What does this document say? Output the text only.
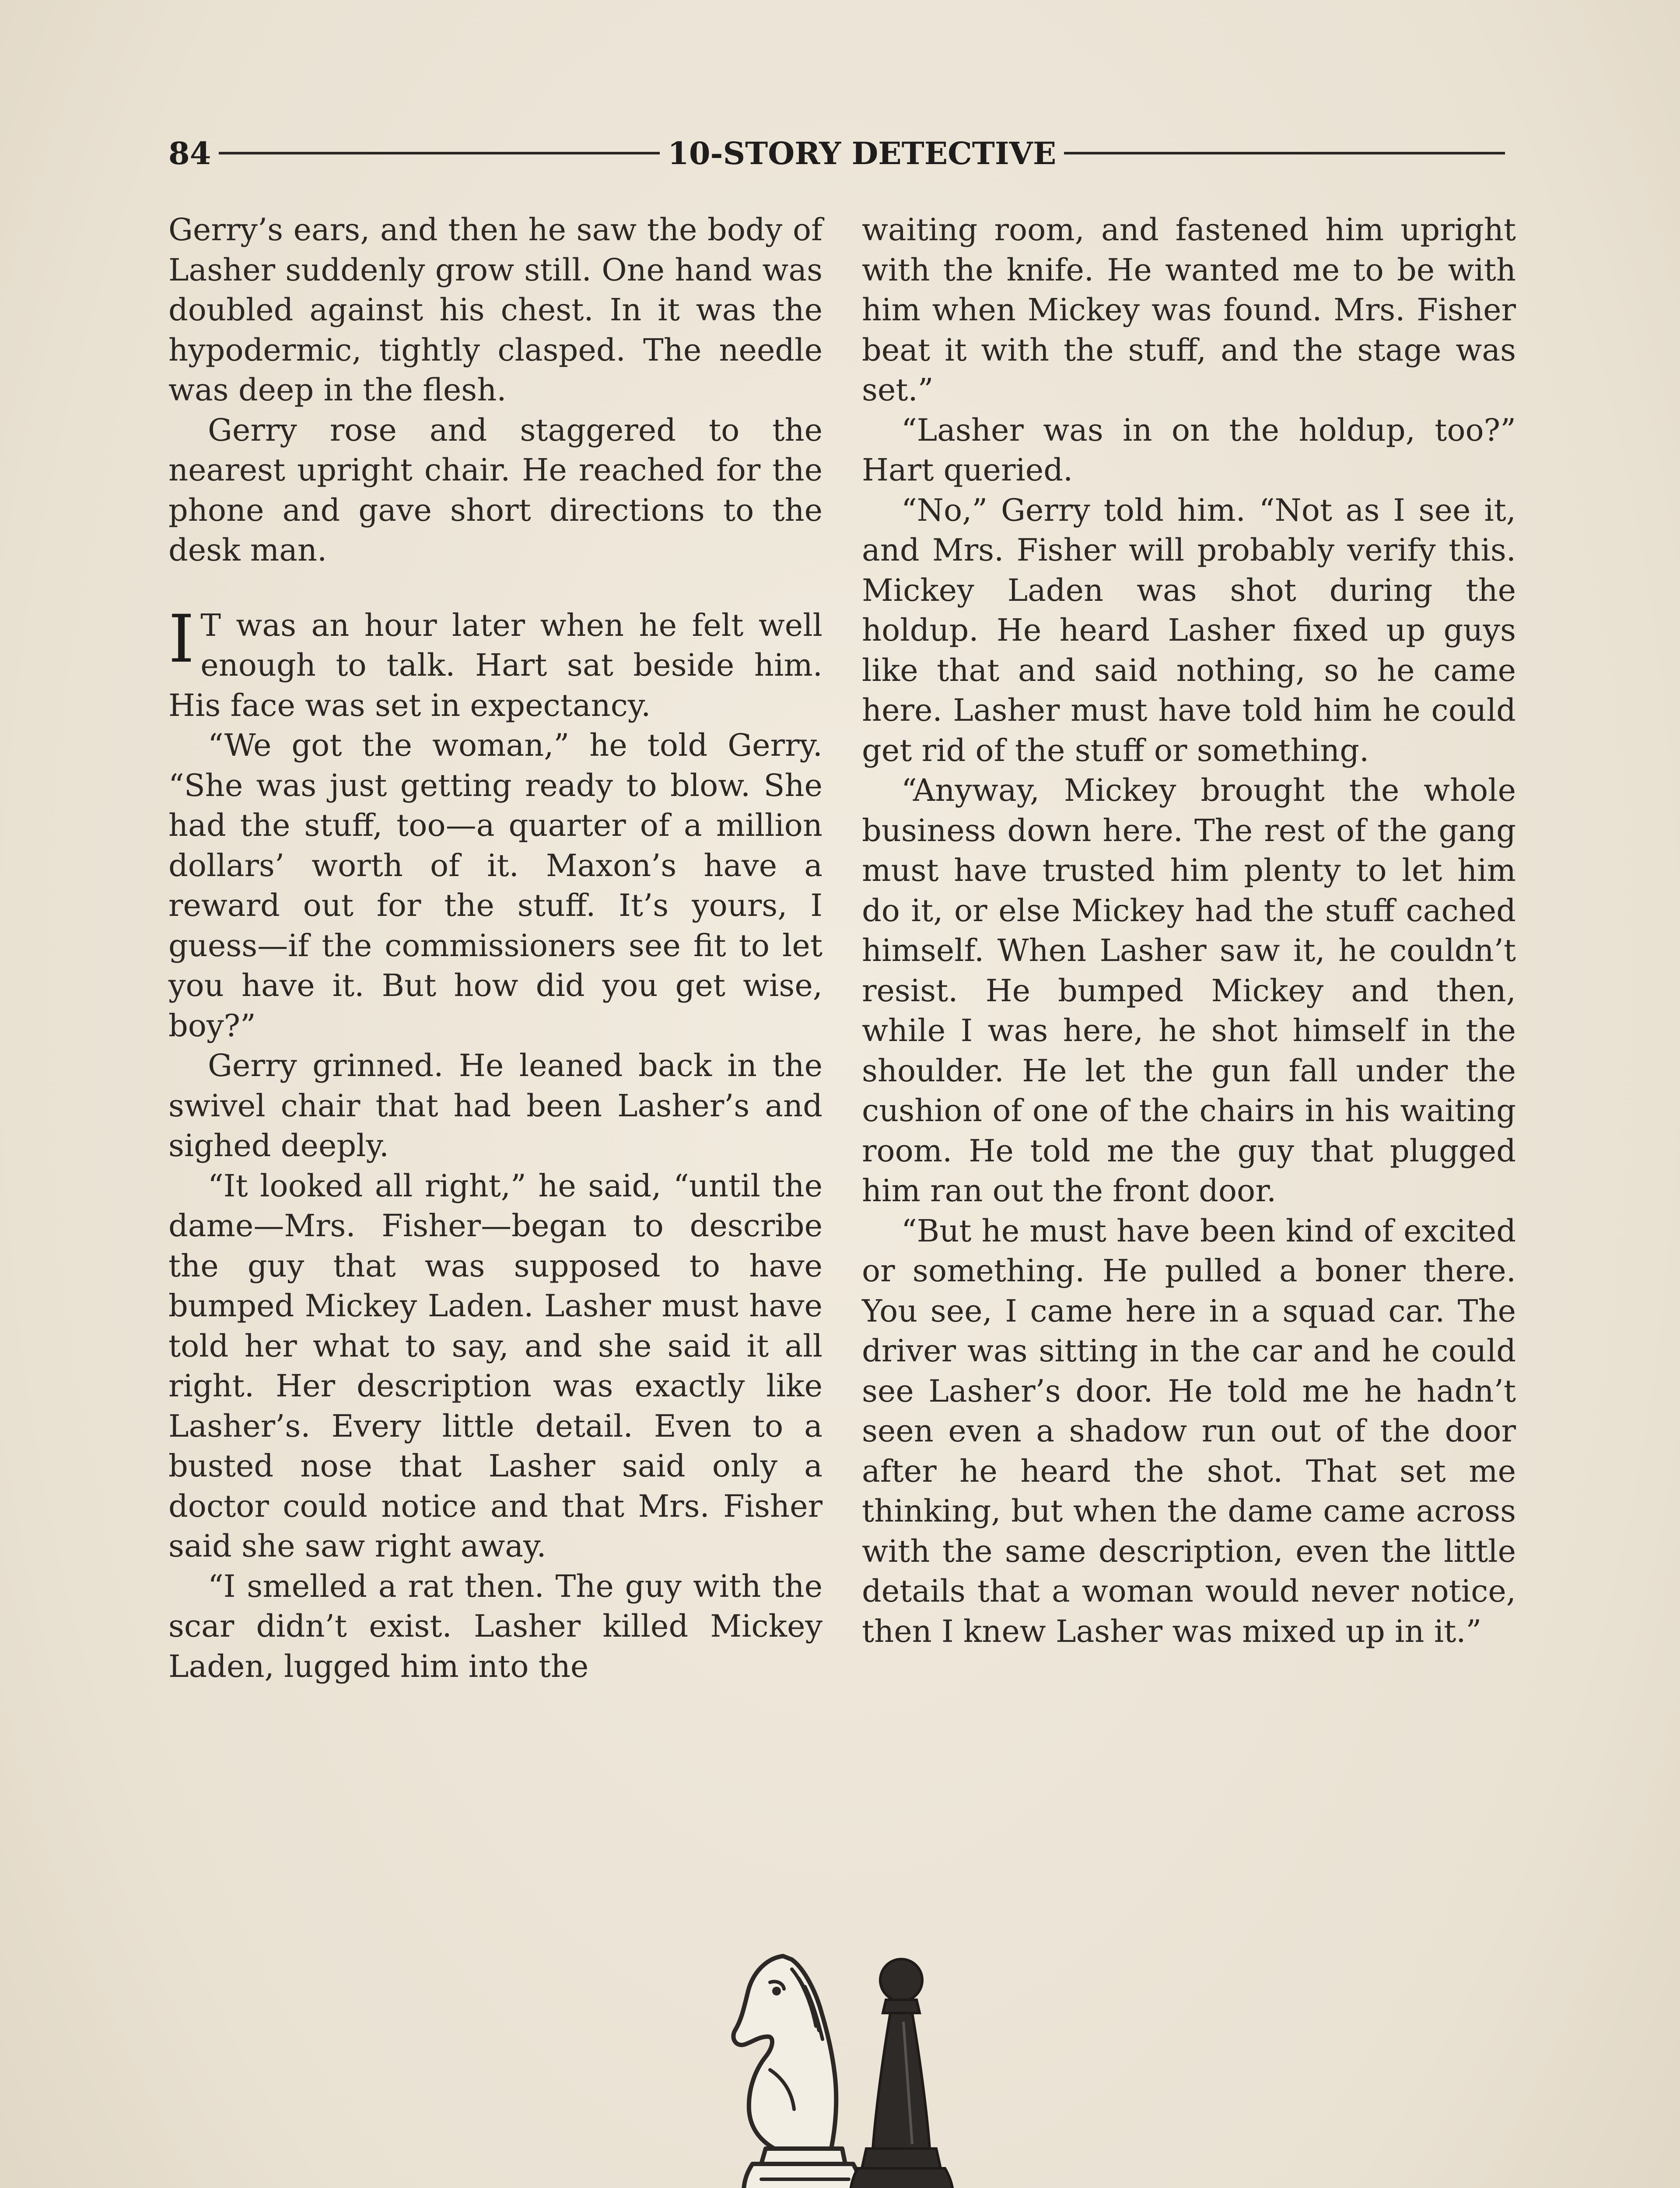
84	10-STORY DETECTIVE

Gerry’s ears, and then he saw the body of Lasher suddenly grow still. One hand was doubled against his chest. In it was the hypodermic, tightly clasped. The needle was deep in the flesh.

Gerry rose and staggered to the nearest upright chair. He reached for the phone and gave short directions to the desk man.

I T was an hour later when he felt well enough to talk. Hart sat beside him. His face was set in expectancy.

“We got the woman,” he told Gerry. “She was just getting ready to blow. She had the stuff, too—a quarter of a million dollars’ worth of it. Maxon’s have a reward out for the stuff. It’s yours, I guess—if the commissioners see fit to let you have it. But how did you get wise, boy?”

Gerry grinned. He leaned back in the swivel chair that had been Lasher’s and sighed deeply.

“It looked all right,” he said, “until the dame—Mrs. Fisher—began to describe the guy that was supposed to have bumped Mickey Laden. Lasher must have told her what to say, and she said it all right. Her description was exactly like Lasher’s. Every little detail. Even to a busted nose that Lasher said only a doctor could notice and that Mrs. Fisher said she saw right away.

“I smelled a rat then. The guy with the scar didn’t exist. Lasher killed Mickey Laden, lugged him into the

waiting room, and fastened him upright with the knife. He wanted me to be with him when Mickey was found. Mrs. Fisher beat it with the stuff, and the stage was set.”

“Lasher was in on the holdup, too?” Hart queried.

“No,” Gerry told him. “Not as I see it, and Mrs. Fisher will probably verify this. Mickey Laden was shot during the holdup. He heard Lasher fixed up guys like that and said nothing, so he came here. Lasher must have told him he could get rid of the stuff or something.

“Anyway, Mickey brought the whole business down here. The rest of the gang must have trusted him plenty to let him do it, or else Mickey had the stuff cached himself. When Lasher saw it, he couldn’t resist. He bumped Mickey and then, while I was here, he shot himself in the shoulder. He let the gun fall under the cushion of one of the chairs in his waiting room. He told me the guy that plugged him ran out the front door.

“But he must have been kind of excited or something. He pulled a boner there. You see, I came here in a squad car. The driver was sitting in the car and he could see Lasher’s door. He told me he hadn’t seen even a shadow run out of the door after he heard the shot. That set me thinking, but when the dame came across with the same description, even the little details that a woman would never notice, then I knew Lasher was mixed up in it.”
